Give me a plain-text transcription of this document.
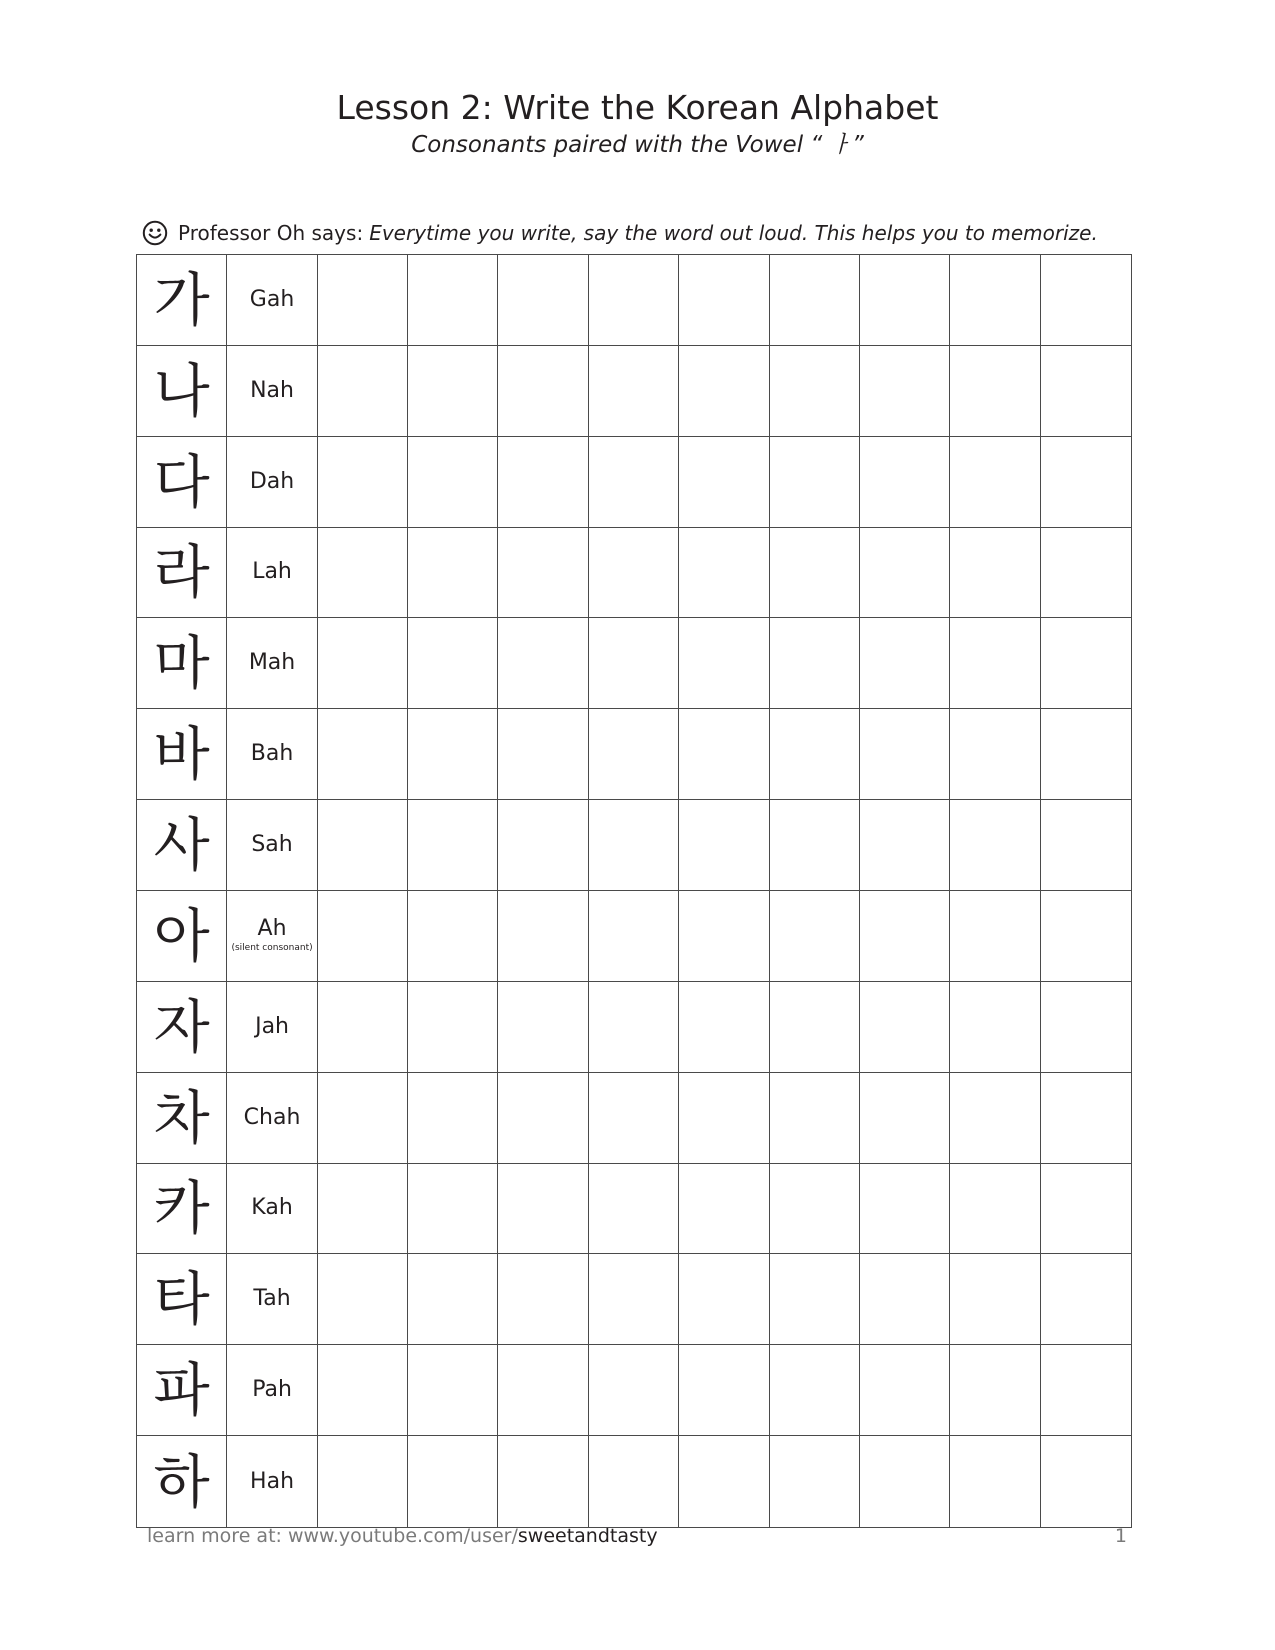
Lesson 2: Write the Korean Alphabet
Consonants paired with the Vowel “ ㅏ”
Professor Oh says: Everytime you write, say the word out loud. This helps you to memorize.
가 Gah
나 Nah
다 Dah
라 Lah
마 Mah
바 Bah
사 Sah
아 Ah
(silent consonant)
자 Jah
차 Chah
카 Kah
타 Tah
파 Pah
하 Hah
learn more at: www.youtube.com/user/sweetandtasty	1
